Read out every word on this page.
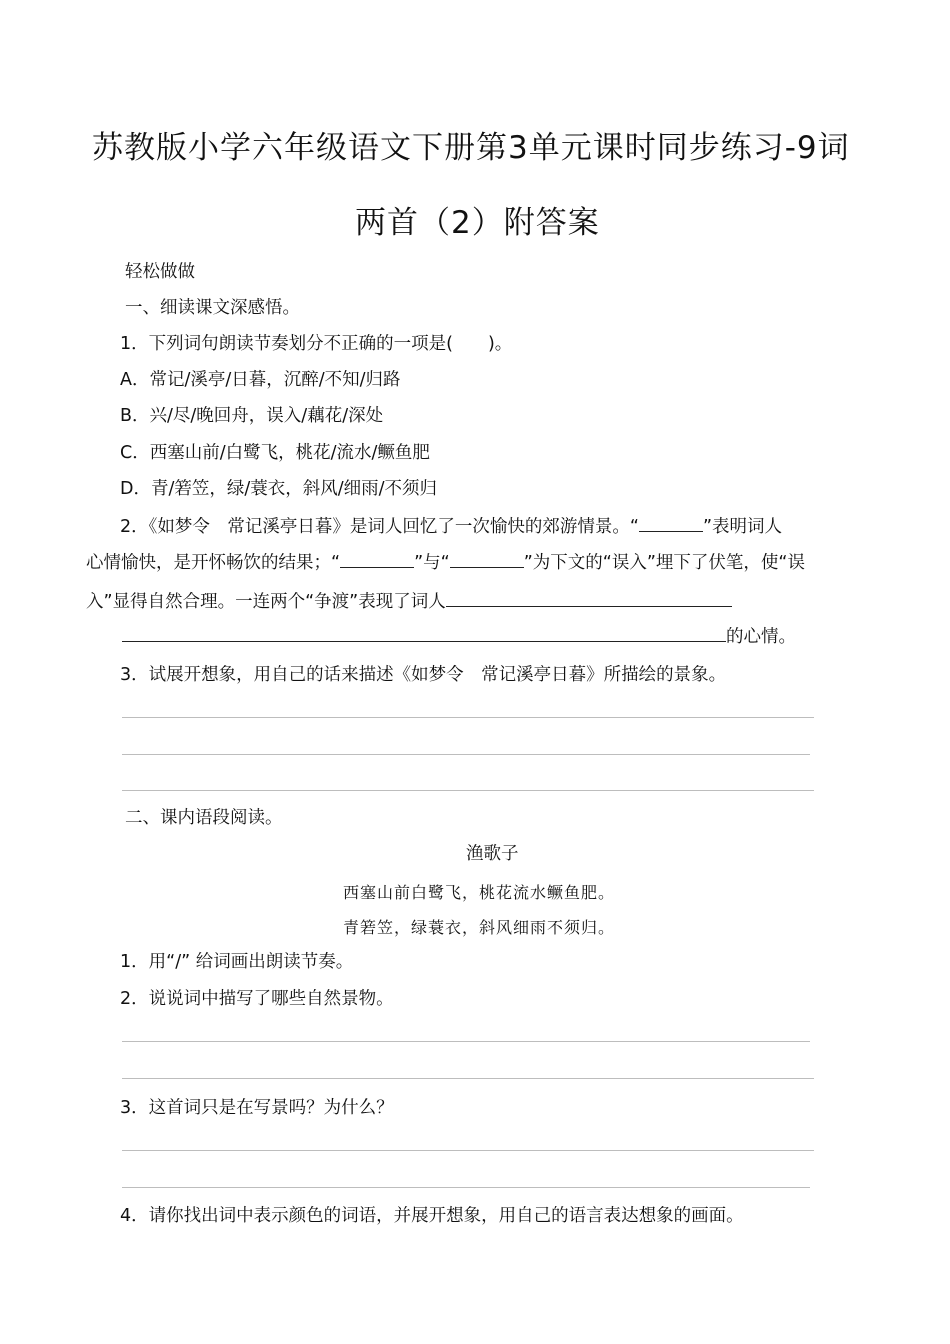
苏教版小学六年级语文下册第3单元课时同步练习-9词
两首（2）附答案
轻松做做
一、细读课文深感悟。
1．下列词句朗读节奏划分不正确的一项是(　　)。
A．常记/溪亭/日暮，沉醉/不知/归路
B．兴/尽/晚回舟，误入/藕花/深处
C．西塞山前/白鹭飞，桃花/流水/鳜鱼肥
D．青/箬笠，绿/蓑衣，斜风/细雨/不须归
2．《如梦令　常记溪亭日暮》是词人回忆了一次愉快的郊游情景。“	”表明词人
心情愉快，是开怀畅饮的结果；“	”与“	”为下文的“误入”埋下了伏笔，使“误
入”显得自然合理。一连两个“争渡”表现了词人
的心情。
3．试展开想象，用自己的话来描述《如梦令　常记溪亭日暮》所描绘的景象。
二、课内语段阅读。
渔歌子
西塞山前白鹭飞，桃花流水鳜鱼肥。
青箬笠，绿蓑衣，斜风细雨不须归。
1．用“/” 给词画出朗读节奏。
2．说说词中描写了哪些自然景物。
3．这首词只是在写景吗？为什么？
4．请你找出词中表示颜色的词语，并展开想象，用自己的语言表达想象的画面。
